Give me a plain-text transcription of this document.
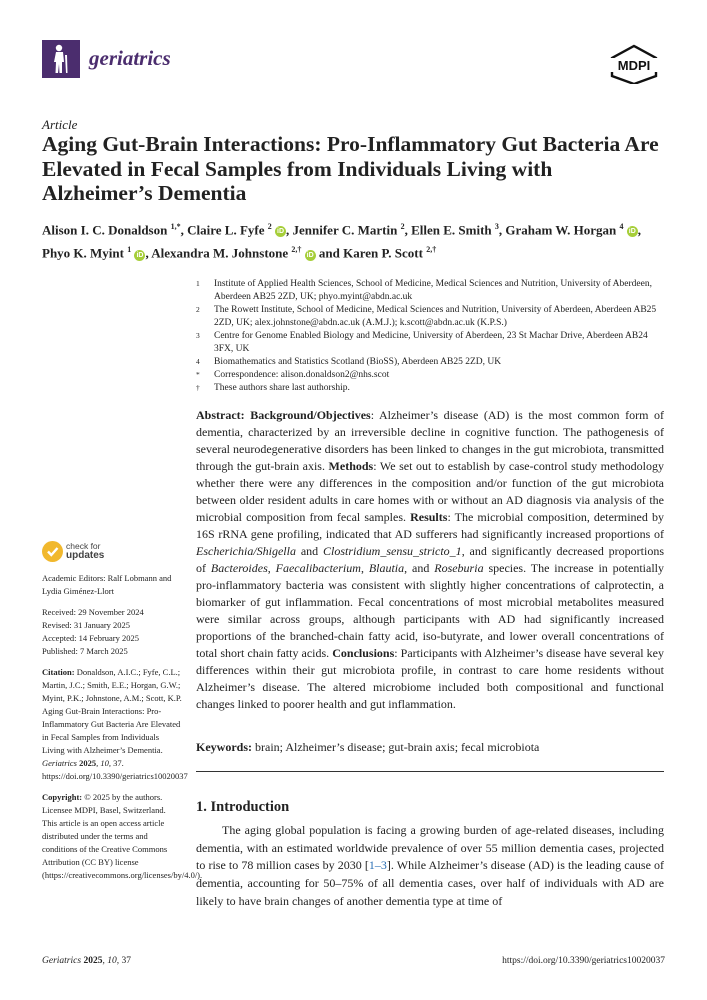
geriatrics	MDPI
Article
Aging Gut-Brain Interactions: Pro-Inflammatory Gut Bacteria Are Elevated in Fecal Samples from Individuals Living with Alzheimer’s Dementia
Alison I. C. Donaldson $^{1,*}$, Claire L. Fyfe $^2$ iD , Jennifer C. Martin $^2$, Ellen E. Smith $^3$, Graham W. Horgan $^4$ iD , Phyo K. Myint $^1$ iD , Alexandra M. Johnstone $^{2,\dagger}$ iD and Karen P. Scott $^{2,\dagger}$
1 Institute of Applied Health Sciences, School of Medicine, Medical Sciences and Nutrition, University of Aberdeen, Aberdeen AB25 2ZD, UK; phyo.myint@abdn.ac.uk
2 The Rowett Institute, School of Medicine, Medical Sciences and Nutrition, University of Aberdeen, Aberdeen AB25 2ZD, UK; alex.johnstone@abdn.ac.uk (A.M.J.); k.scott@abdn.ac.uk (K.P.S.)
3 Centre for Genome Enabled Biology and Medicine, University of Aberdeen, 23 St Machar Drive, Aberdeen AB24 3FX, UK
4 Biomathematics and Statistics Scotland (BioSS), Aberdeen AB25 2ZD, UK
* Correspondence: alison.donaldson2@nhs.scot
† These authors share last authorship.
Abstract: Background/Objectives: Alzheimer’s disease (AD) is the most common form of dementia, characterized by an irreversible decline in cognitive function. The pathogenesis of several neurodegenerative disorders has been linked to changes in the gut microbiota, transmitted through the gut-brain axis. Methods: We set out to establish by case-control study methodology whether there were any differences in the composition and/or function of the gut microbiota between older resident adults in care homes with or without an AD diagnosis via analysis of the microbial composition from fecal samples. Results: The microbial composition, determined by 16S rRNA gene profiling, indicated that AD sufferers had significantly increased proportions of Escherichia/Shigella and Clostridium_sensu_stricto_1, and significantly decreased proportions of Bacteroides, Faecalibacterium, Blautia, and Roseburia species. The increase in potentially pro-inflammatory bacteria was consistent with slightly higher concentrations of calprotectin, a biomarker of gut inflammation. Fecal concentrations of most microbial metabolites measured were similar across groups, although participants with AD had significantly increased proportions of the branched-chain fatty acid, iso-butyrate, and lower overall concentrations of total short chain fatty acids. Conclusions: Participants with Alzheimer’s disease have several key differences within their gut microbiota profile, in contrast to care home residents without Alzheimer’s disease. The altered microbiome included both compositional and functional changes linked to poorer health and gut inflammation.
Keywords: brain; Alzheimer’s disease; gut-brain axis; fecal microbiota
1. Introduction
The aging global population is facing a growing burden of age-related diseases, including dementia, with an estimated worldwide prevalence of over 55 million dementia cases, projected to rise to 78 million cases by 2030 [1–3]. While Alzheimer’s disease (AD) is the leading cause of dementia, accounting for 50–75% of all dementia cases, over half of individuals with AD are likely to have brain changes of another dementia type at time of
check for
updates

Academic Editors: Ralf Lobmann and Lydia Giménez-Llort

Received: 29 November 2024

Revised: 31 January 2025

Accepted: 14 February 2025

Published: 7 March 2025

Citation: Donaldson, A.I.C.; Fyfe, C.L.; Martin, J.C.; Smith, E.E.; Horgan, G.W.; Myint, P.K.; Johnstone, A.M.; Scott, K.P. Aging Gut-Brain Interactions: Pro-Inflammatory Gut Bacteria Are Elevated in Fecal Samples from Individuals Living with Alzheimer’s Dementia. Geriatrics 2025, 10, 37. https://doi.org/10.3390/geriatrics10020037

Copyright: © 2025 by the authors. Licensee MDPI, Basel, Switzerland. This article is an open access article distributed under the terms and conditions of the Creative Commons Attribution (CC BY) license (https://creativecommons.org/licenses/by/4.0/).

Geriatrics 2025, 10, 37	https://doi.org/10.3390/geriatrics10020037
